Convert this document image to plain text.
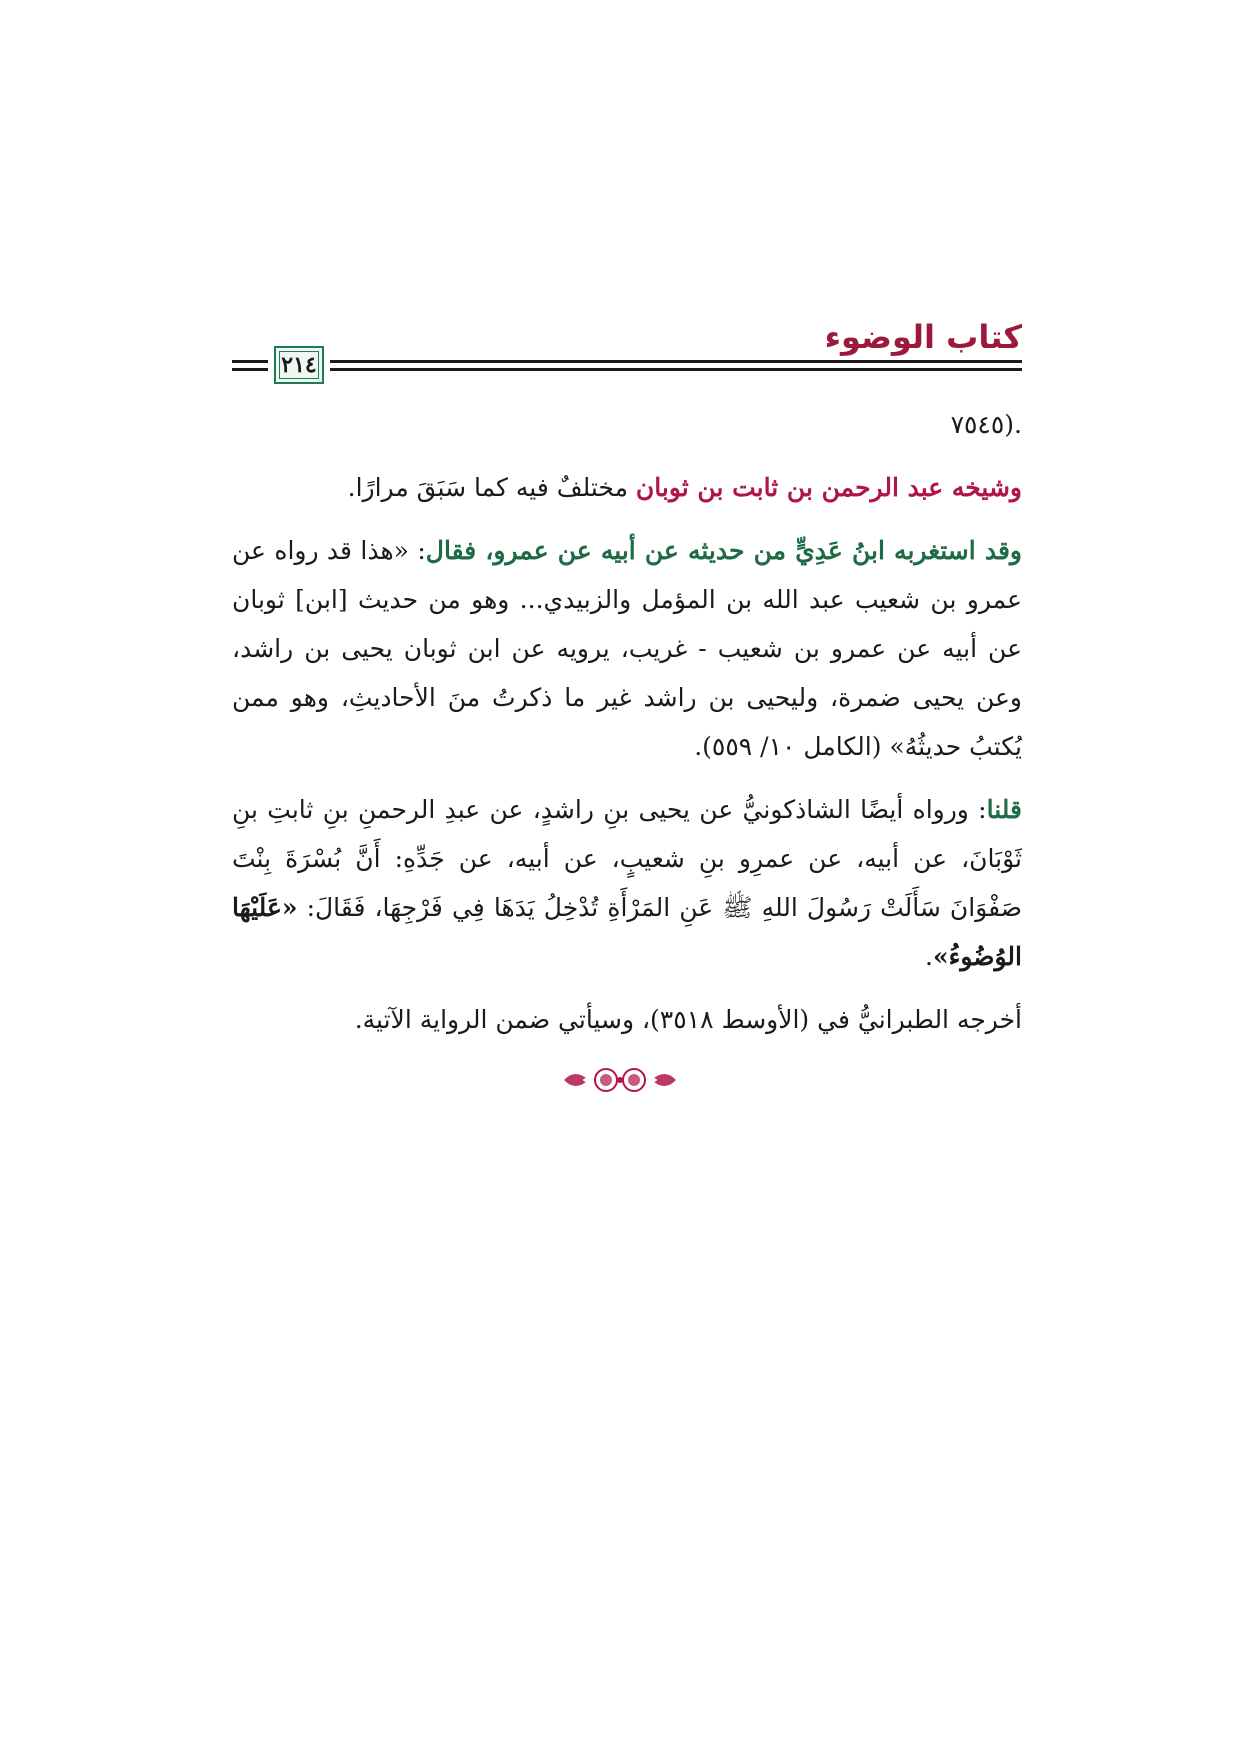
كتاب الوضوء
٢١٤

.(٧٥٤٥

وشيخه عبد الرحمن بن ثابت بن ثوبان مختلفٌ فيه كما سَبَقَ مرارًا.

وقد استغربه ابنُ عَدِيٍّ من حديثه عن أبيه عن عمرو، فقال: «هذا قد رواه عن عمرو بن شعيب عبد الله بن المؤمل والزبيدي... وهو من حديث [ابن] ثوبان عن أبيه عن عمرو بن شعيب - غريب، يرويه عن ابن ثوبان يحيى بن راشد، وعن يحيى ضمرة، وليحيى بن راشد غير ما ذكرتُ منَ الأحاديثِ، وهو ممن يُكتبُ حديثُهُ» (الكامل ١٠/ ٥٥٩).

قلنا: ورواه أيضًا الشاذكونيُّ عن يحيى بنِ راشدٍ، عن عبدِ الرحمنِ بنِ ثابتِ بنِ ثَوْبَانَ، عن أبيه، عن عمرِو بنِ شعيبٍ، عن أبيه، عن جَدِّهِ: أَنَّ بُسْرَةَ بِنْتَ صَفْوَانَ سَأَلَتْ رَسُولَ اللهِ ﷺ عَنِ المَرْأَةِ تُدْخِلُ يَدَهَا فِي فَرْجِهَا، فَقَالَ: «عَلَيْهَا الوُضُوءُ».

أخرجه الطبرانيُّ في (الأوسط ٣٥١٨)، وسيأتي ضمن الرواية الآتية.
